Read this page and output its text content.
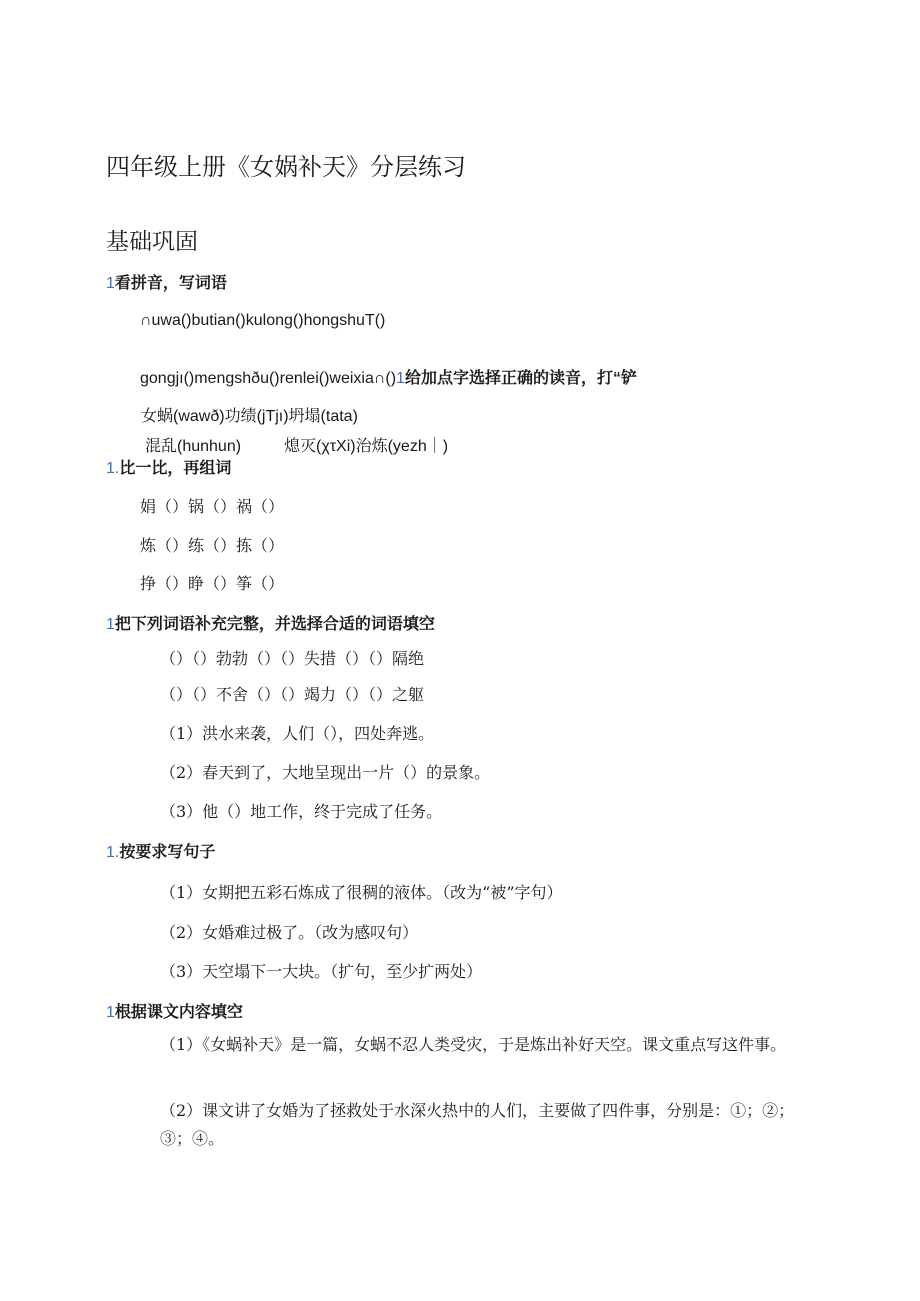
四年级上册《女娲补天》分层练习
基础巩固
1看拼音，写词语
∩uwa()butian()kulong()hongshuT()
gongjı()mengshðu()renlei()weixia∩()1给加点字选择正确的读音，打“铲
女蜗(wawð)功绩(jTjı)坍塌(tata)
混乱(hunhun)	熄灭(χτXi)治炼(yezh｜)
1.比一比，再组词
娟（）锅（）祸（）
炼（）练（）拣（）
挣（）睁（）筝（）
1把下列词语补充完整，并选择合适的词语填空
（）（）勃勃（）（）失措（）（）隔绝
（）（）不舍（）（）竭力（）（）之躯
（1）洪水来袭，人们（），四处奔逃。
（2）春天到了，大地呈现出一片（）的景象。
（3）他（）地工作，终于完成了任务。
1.按要求写句子
（1）女期把五彩石炼成了很稠的液体。（改为“被”字句）
（2）女婚难过极了。（改为感叹句）
（3）天空塌下一大块。（扩句，至少扩两处）
1根据课文内容填空
（1）《女蜗补天》是一篇，女蜗不忍人类受灾，于是炼出补好天空。课文重点写这件事。
（2）课文讲了女婚为了拯救处于水深火热中的人们，主要做了四件事，分别是：①；②；③；④。
